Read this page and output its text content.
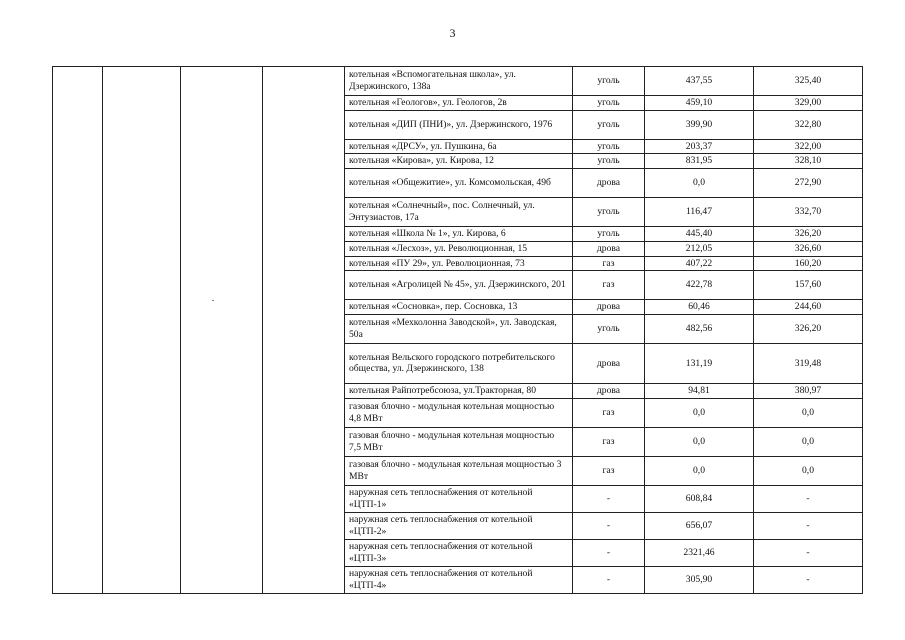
3
				котельная «Вспомогательная школа», ул. Дзержинского, 138а	уголь	437,55	325,40
				котельная «Геологов», ул. Геологов, 2в	уголь	459,10	329,00
				котельная «ДИП (ПНИ)», ул. Дзержинского, 1976	уголь	399,90	322,80
				котельная «ДРСУ», ул. Пушкина, 6а	уголь	203,37	322,00
				котельная «Кирова», ул. Кирова, 12	уголь	831,95	328,10
				котельная «Общежитие», ул. Комсомольская, 49б	дрова	0,0	272,90
				котельная «Солнечный», пос. Солнечный, ул. Энтузиастов, 17а	уголь	116,47	332,70
				котельная «Школа № 1», ул. Кирова, 6	уголь	445,40	326,20
				котельная «Лесхоз», ул. Революционная, 15	дрова	212,05	326,60
				котельная «ПУ 29», ул. Революционная, 73	газ	407,22	160,20
				котельная «Агролицей № 45», ул. Дзержинского, 201	газ	422,78	157,60
				котельная «Сосновка», пер. Сосновка, 13	дрова	60,46	244,60
				котельная «Мехколонна Заводской», ул. Заводская, 50а	уголь	482,56	326,20
				котельная Вельского городского потребительского общества, ул. Дзержинского, 138	дрова	131,19	319,48
				котельная Райпотребсоюза, ул.Тракторная, 80	дрова	94,81	380,97
				газовая блочно - модульная котельная мощностью 4,8 МВт	газ	0,0	0,0
				газовая блочно - модульная котельная мощностью 7,5 МВт	газ	0,0	0,0
				газовая блочно - модульная котельная мощностью 3 МВт	газ	0,0	0,0
				наружная сеть теплоснабжения от котельной «ЦТП-1»	-	608,84	-
				наружная сеть теплоснабжения от котельной «ЦТП-2»	-	656,07	-
				наружная сеть теплоснабжения от котельной «ЦТП-3»	-	2321,46	-
				наружная сеть теплоснабжения от котельной «ЦТП-4»	-	305,90	-
